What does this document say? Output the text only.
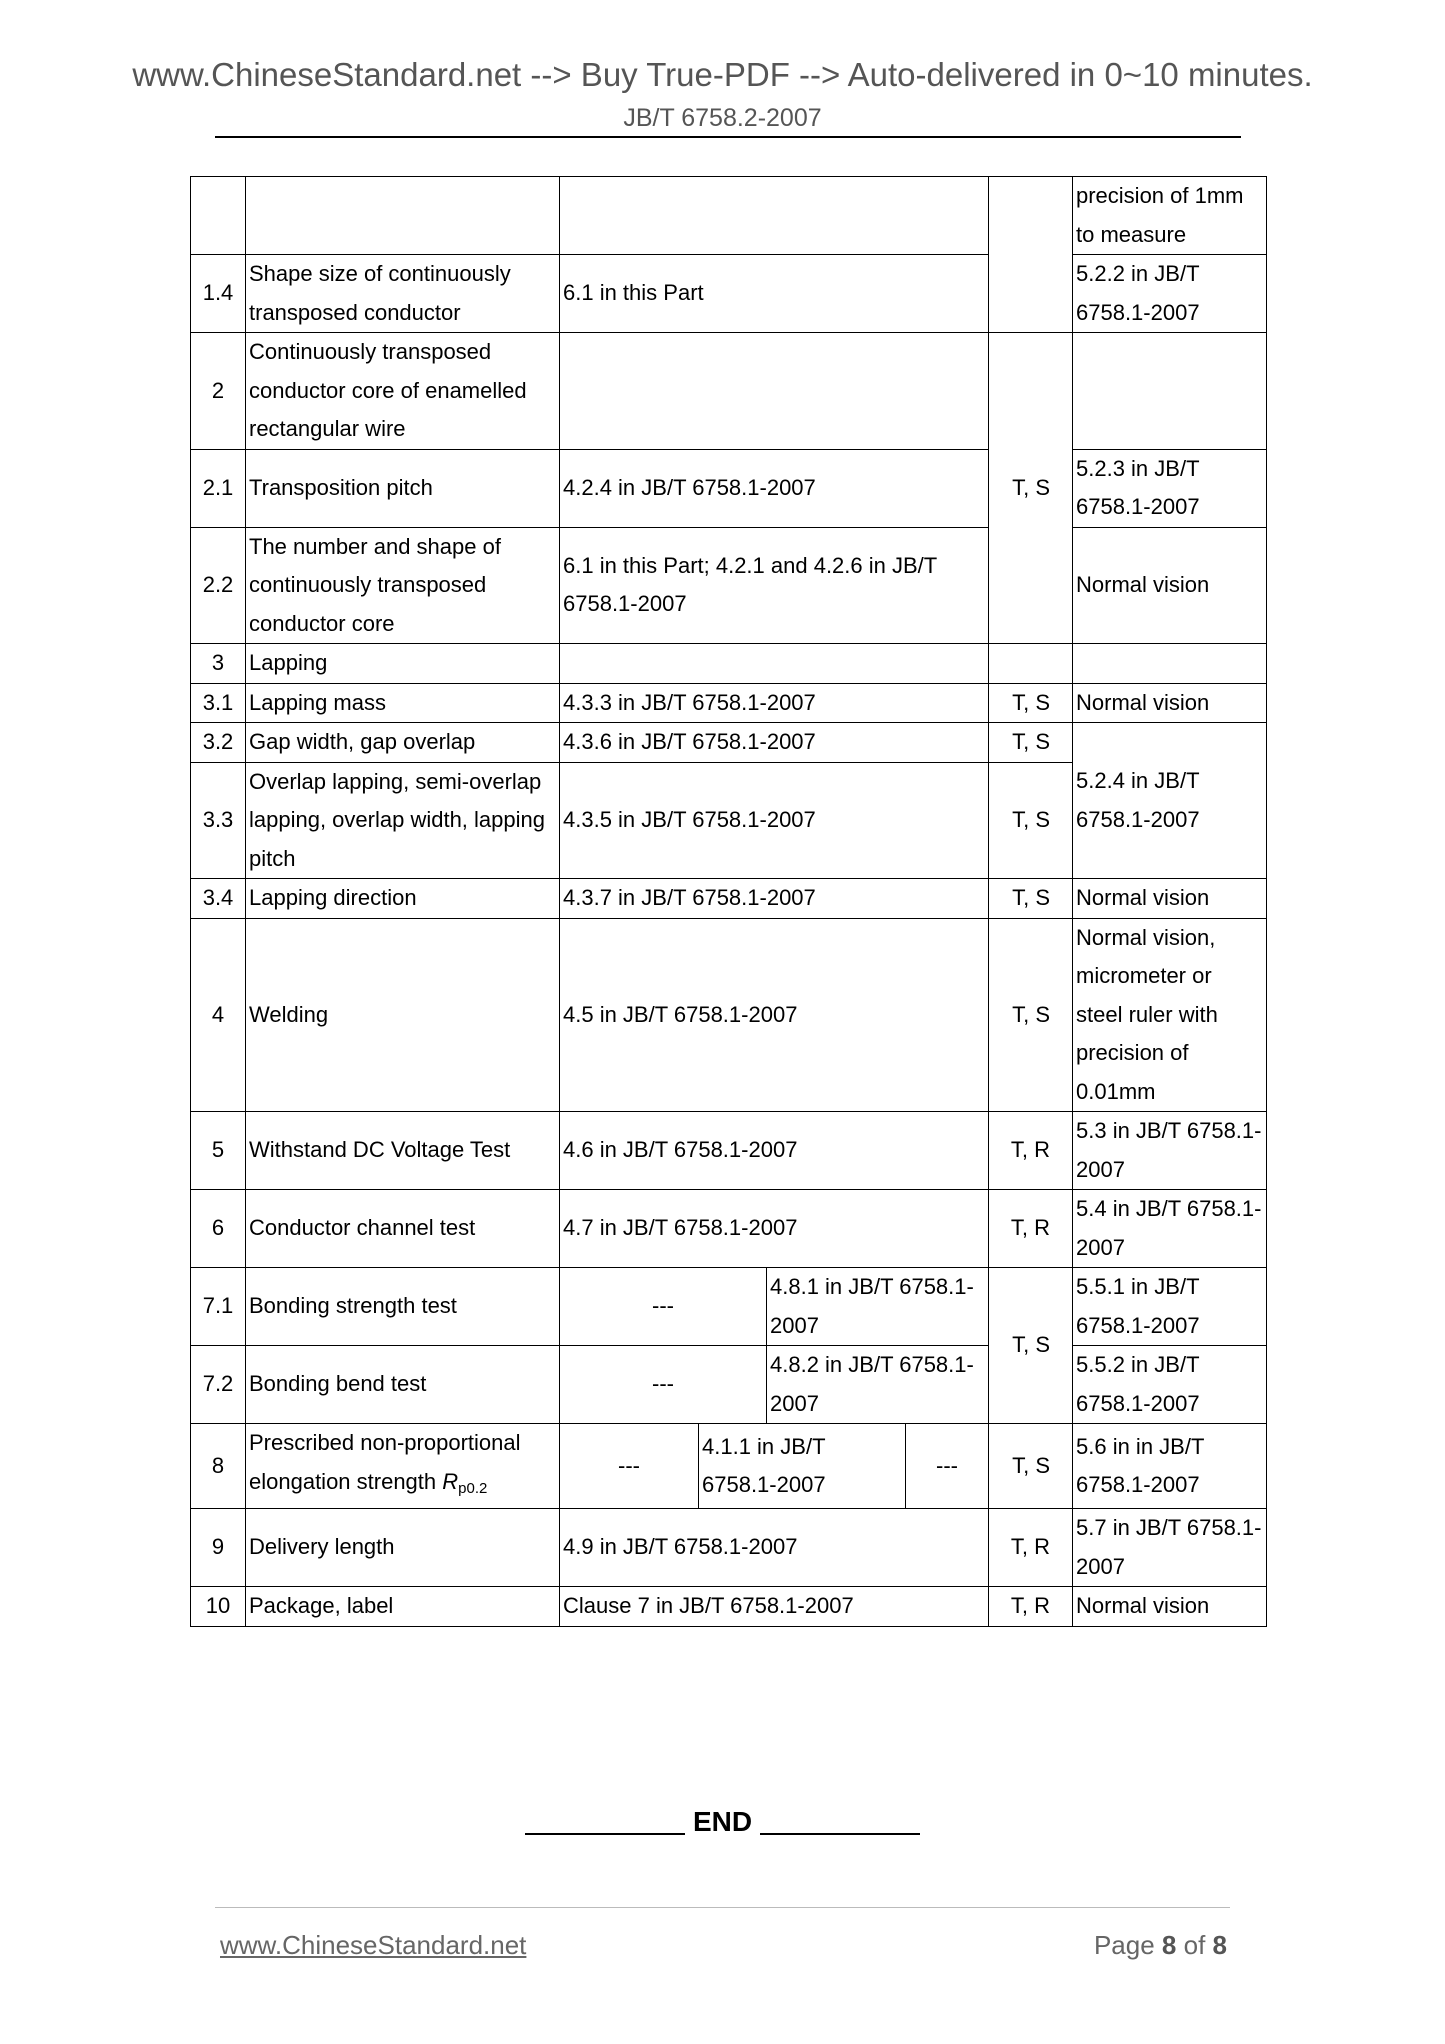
www.ChineseStandard.net --> Buy True-PDF --> Auto-delivered in 0~10 minutes.
JB/T 6758.2-2007
							precision of 1mm to measure
1.4	Shape size of continuously transposed conductor	6.1 in this Part					5.2.2 in JB/T 6758.1-2007
2	Continuously transposed conductor core of enamelled rectangular wire					T, S	
2.1	Transposition pitch	4.2.4 in JB/T 6758.1-2007					5.2.3 in JB/T 6758.1-2007
2.2	The number and shape of continuously transposed conductor core	6.1 in this Part; 4.2.1 and 4.2.6 in JB/T 6758.1-2007					Normal vision
3	Lapping						
3.1	Lapping mass	4.3.3 in JB/T 6758.1-2007				T, S	Normal vision
3.2	Gap width, gap overlap	4.3.6 in JB/T 6758.1-2007				T, S	5.2.4 in JB/T 6758.1-2007
3.3	Overlap lapping, semi-overlap lapping, overlap width, lapping pitch	4.3.5 in JB/T 6758.1-2007				T, S	
3.4	Lapping direction	4.3.7 in JB/T 6758.1-2007				T, S	Normal vision
4	Welding	4.5 in JB/T 6758.1-2007				T, S	Normal vision, micrometer or steel ruler with precision of 0.01mm
5	Withstand DC Voltage Test	4.6 in JB/T 6758.1-2007				T, R	5.3 in JB/T 6758.1-2007
6	Conductor channel test	4.7 in JB/T 6758.1-2007				T, R	5.4 in JB/T 6758.1-2007
7.1	Bonding strength test	---		4.8.1 in JB/T 6758.1-2007		T, S	5.5.1 in JB/T 6758.1-2007
7.2	Bonding bend test	---		4.8.2 in JB/T 6758.1-2007			5.5.2 in JB/T 6758.1-2007
8	Prescribed non-proportional elongation strength $R_{p0.2}$	---	4.1.1 in JB/T 6758.1-2007		---	T, S	5.6 in in JB/T 6758.1-2007
9	Delivery length	4.9 in JB/T 6758.1-2007				T, R	5.7 in JB/T 6758.1-2007
10	Package, label	Clause 7 in JB/T 6758.1-2007				T, R	Normal vision
END
www.ChineseStandard.net	Page 8 of 8
